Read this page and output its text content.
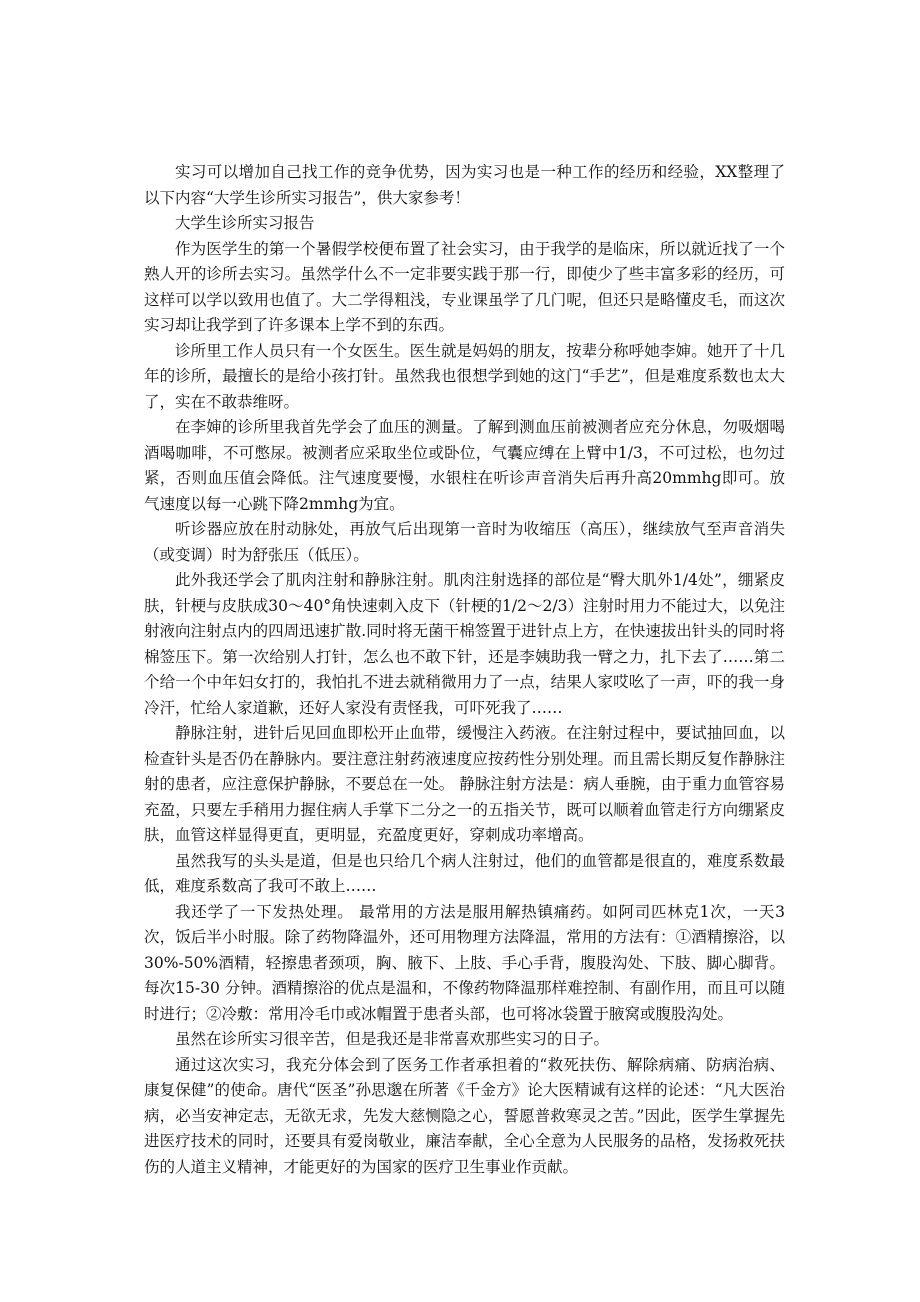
实习可以增加自己找工作的竞争优势，因为实习也是一种工作的经历和经验，XX整理了以下内容“大学生诊所实习报告”，供大家参考！

大学生诊所实习报告

作为医学生的第一个暑假学校便布置了社会实习，由于我学的是临床，所以就近找了一个熟人开的诊所去实习。虽然学什么不一定非要实践于那一行，即使少了些丰富多彩的经历，可这样可以学以致用也值了。大二学得粗浅，专业课虽学了几门呢，但还只是略懂皮毛，而这次实习却让我学到了许多课本上学不到的东西。

诊所里工作人员只有一个女医生。医生就是妈妈的朋友，按辈分称呼她李婶。她开了十几年的诊所，最擅长的是给小孩打针。虽然我也很想学到她的这门“手艺”，但是难度系数也太大了，实在不敢恭维呀。

在李婶的诊所里我首先学会了血压的测量。了解到测血压前被测者应充分休息，勿吸烟喝酒喝咖啡，不可憋尿。被测者应采取坐位或卧位，气囊应缚在上臂中1/3，不可过松，也勿过紧，否则血压值会降低。注气速度要慢，水银柱在听诊声音消失后再升高20mmhg即可。放气速度以每一心跳下降2mmhg为宜。

听诊器应放在肘动脉处，再放气后出现第一音时为收缩压（高压），继续放气至声音消失（或变调）时为舒张压（低压）。

此外我还学会了肌肉注射和静脉注射。肌肉注射选择的部位是“臀大肌外1/4处”，绷紧皮肤，针梗与皮肤成30～40°角快速刺入皮下（针梗的1/2～2/3）注射时用力不能过大，以免注射液向注射点内的四周迅速扩散.同时将无菌干棉签置于进针点上方，在快速拔出针头的同时将棉签压下。第一次给别人打针，怎么也不敢下针，还是李姨助我一臂之力，扎下去了……第二个给一个中年妇女打的，我怕扎不进去就稍微用力了一点，结果人家哎吆了一声，吓的我一身冷汗，忙给人家道歉，还好人家没有责怪我，可吓死我了……

静脉注射，进针后见回血即松开止血带，缓慢注入药液。在注射过程中，要试抽回血，以检查针头是否仍在静脉内。要注意注射药液速度应按药性分别处理。而且需长期反复作静脉注射的患者，应注意保护静脉，不要总在一处。 静脉注射方法是：病人垂腕，由于重力血管容易充盈，只要左手稍用力握住病人手掌下二分之一的五指关节，既可以顺着血管走行方向绷紧皮肤，血管这样显得更直，更明显，充盈度更好，穿刺成功率增高。

虽然我写的头头是道，但是也只给几个病人注射过，他们的血管都是很直的，难度系数最低，难度系数高了我可不敢上……

我还学了一下发热处理。 最常用的方法是服用解热镇痛药。如阿司匹林克1次，一天3次，饭后半小时服。除了药物降温外，还可用物理方法降温，常用的方法有：①酒精擦浴，以30%-50%酒精，轻擦患者颈项，胸、腋下、上肢、手心手背，腹股沟处、下肢、脚心脚背。每次15-30 分钟。酒精擦浴的优点是温和，不像药物降温那样难控制、有副作用，而且可以随时进行；②冷敷：常用冷毛巾或冰帽置于患者头部，也可将冰袋置于腋窝或腹股沟处。

虽然在诊所实习很辛苦，但是我还是非常喜欢那些实习的日子。

通过这次实习，我充分体会到了医务工作者承担着的“救死扶伤、解除病痛、防病治病、康复保健”的使命。唐代“医圣”孙思邈在所著《千金方》论大医精诚有这样的论述：“凡大医治病，必当安神定志，无欲无求，先发大慈恻隐之心，誓愿普救寒灵之苦。”因此，医学生掌握先进医疗技术的同时，还要具有爱岗敬业，廉洁奉献，全心全意为人民服务的品格，发扬救死扶伤的人道主义精神，才能更好的为国家的医疗卫生事业作贡献。
